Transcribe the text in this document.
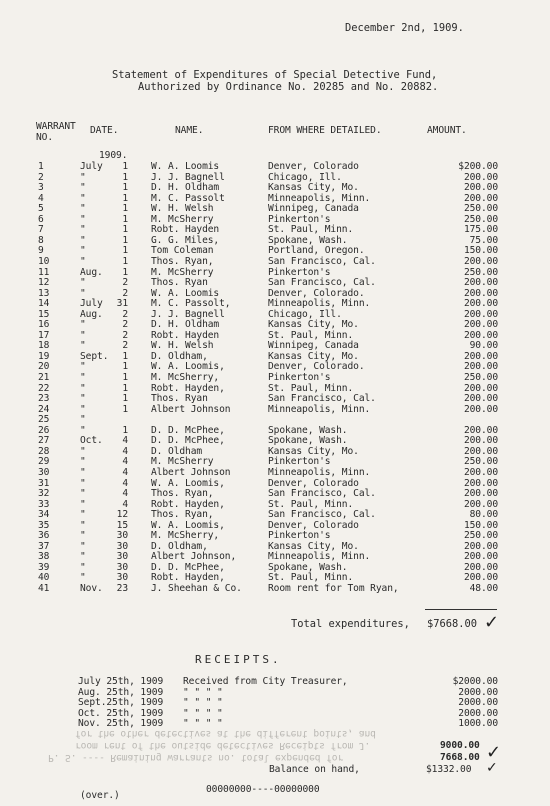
December 2nd, 1909.
Statement of Expenditures of Special Detective Fund,
Authorized by Ordinance No. 20285 and No. 20882.
WARRANT
NO.
DATE.	NAME.	FROM WHERE DETAILED.	AMOUNT.
1909.
1	July	1 W. A. Loomis	Denver, Colorado	$200.00
2	"	1 J. J. Bagnell	Chicago, Ill.	200.00
3	"	1 D. H. Oldham	Kansas City, Mo.	200.00
4	"	1 M. C. Passolt	Minneapolis, Minn.	200.00
5	"	1 W. H. Welsh	Winnipeg, Canada	250.00
6	"	1 M. McSherry	Pinkerton's	250.00
7	"	1 Robt. Hayden	St. Paul, Minn.	175.00
8	"	1 G. G. Miles,	Spokane, Wash.	75.00
9	"	1 Tom Coleman	Portland, Oregon.	150.00
10	"	1 Thos. Ryan,	San Francisco, Cal.	200.00
11	Aug.	1 M. McSherry	Pinkerton's	250.00
12	"	2 Thos. Ryan	San Francisco, Cal.	200.00
13	"	2 W. A. Loomis	Denver, Colorado.	200.00
14	July	31 M. C. Passolt,	Minneapolis, Minn.	200.00
15	Aug.	2 J. J. Bagnell	Chicago, Ill.	200.00
16	"	2 D. H. Oldham	Kansas City, Mo.	200.00
17	"	2 Robt. Hayden	St. Paul, Minn.	200.00
18	"	2 W. H. Welsh	Winnipeg, Canada	90.00
19	Sept.	1 D. Oldham,	Kansas City, Mo.	200.00
20	"	1 W. A. Loomis,	Denver, Colorado.	200.00
21	"	1 M. McSherry,	Pinkerton's	250.00
22	"	1 Robt. Hayden,	St. Paul, Minn.	200.00
23	"	1 Thos. Ryan	San Francisco, Cal.	200.00
24	"	1 Albert Johnson	Minneapolis, Minn.	200.00
25	"
26	"	1 D. D. McPhee,	Spokane, Wash.	200.00
27	Oct.	4 D. D. McPhee,	Spokane, Wash.	200.00
28	"	4 D. Oldham	Kansas City, Mo.	200.00
29	"	4 M. McSherry	Pinkerton's	250.00
30	"	4 Albert Johnson	Minneapolis, Minn.	200.00
31	"	4 W. A. Loomis,	Denver, Colorado	200.00
32	"	4 Thos. Ryan,	San Francisco, Cal.	200.00
33	"	4 Robt. Hayden,	St. Paul, Minn.	200.00
34	"	12 Thos. Ryan,	San Francisco, Cal.	80.00
35	"	15 W. A. Loomis,	Denver, Colorado	150.00
36	"	30 M. McSherry,	Pinkerton's	250.00
37	"	30 D. Oldham,	Kansas City, Mo.	200.00
38	"	30 Albert Johnson,	Minneapolis, Minn.	200.00
39	"	30 D. D. McPhee,	Spokane, Wash.	200.00
40	"	30 Robt. Hayden,	St. Paul, Minn.	200.00
41	Nov.	23 J. Sheehan & Co.	Room rent for Tom Ryan,	48.00
Total expenditures, $7668.00 ✓
RECEIPTS.
July 25th, 1909 Received from City Treasurer,	$2000.00
Aug. 25th, 1909 " " " "	2000.00
Sept.25th, 1909 " " " "	2000.00
Oct. 25th, 1909 " " " "	2000.00
Nov. 25th, 1909 " " " "	1000.00
for the other detectives at the different points, and
room rent of the outside detectives Receipts from J.
P. S. ---- Remaining warrants no. total expended for
9000.00
7668.00
Balance on hand,	$1332.00
✓
✓
(over.)
00000000----00000000
